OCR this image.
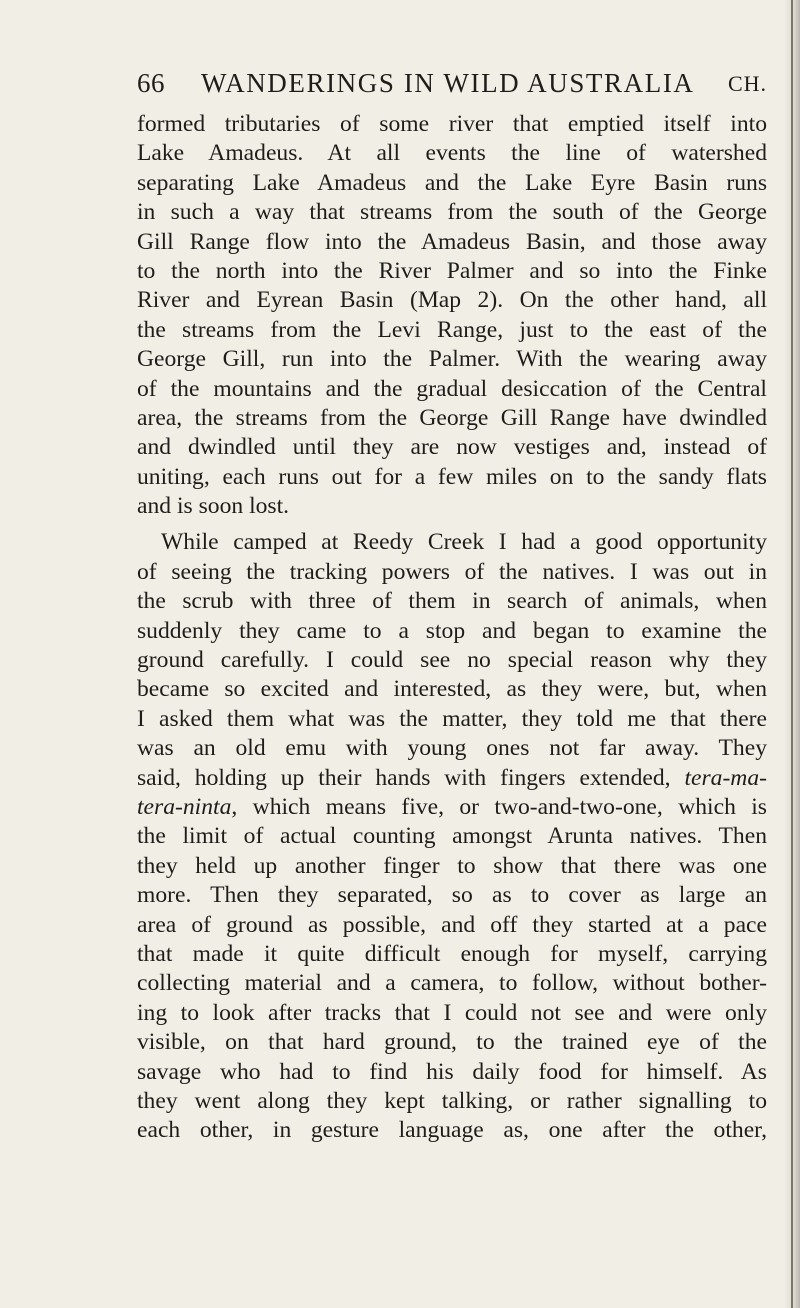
66 WANDERINGS IN WILD AUSTRALIA CH.
formed tributaries of some river that emptied itself into
Lake Amadeus. At all events the line of watershed
separating Lake Amadeus and the Lake Eyre Basin runs
in such a way that streams from the south of the George
Gill Range flow into the Amadeus Basin, and those away
to the north into the River Palmer and so into the Finke
River and Eyrean Basin (Map 2). On the other hand, all
the streams from the Levi Range, just to the east of the
George Gill, run into the Palmer. With the wearing away
of the mountains and the gradual desiccation of the Central
area, the streams from the George Gill Range have dwindled
and dwindled until they are now vestiges and, instead of
uniting, each runs out for a few miles on to the sandy flats
and is soon lost.
While camped at Reedy Creek I had a good opportunity
of seeing the tracking powers of the natives. I was out in
the scrub with three of them in search of animals, when
suddenly they came to a stop and began to examine the
ground carefully. I could see no special reason why they
became so excited and interested, as they were, but, when
I asked them what was the matter, they told me that there
was an old emu with young ones not far away. They
said, holding up their hands with fingers extended, tera-ma-
tera-ninta, which means five, or two-and-two-one, which is
the limit of actual counting amongst Arunta natives. Then
they held up another finger to show that there was one
more. Then they separated, so as to cover as large an
area of ground as possible, and off they started at a pace
that made it quite difficult enough for myself, carrying
collecting material and a camera, to follow, without bother-
ing to look after tracks that I could not see and were only
visible, on that hard ground, to the trained eye of the
savage who had to find his daily food for himself. As
they went along they kept talking, or rather signalling to
each other, in gesture language as, one after the other,
